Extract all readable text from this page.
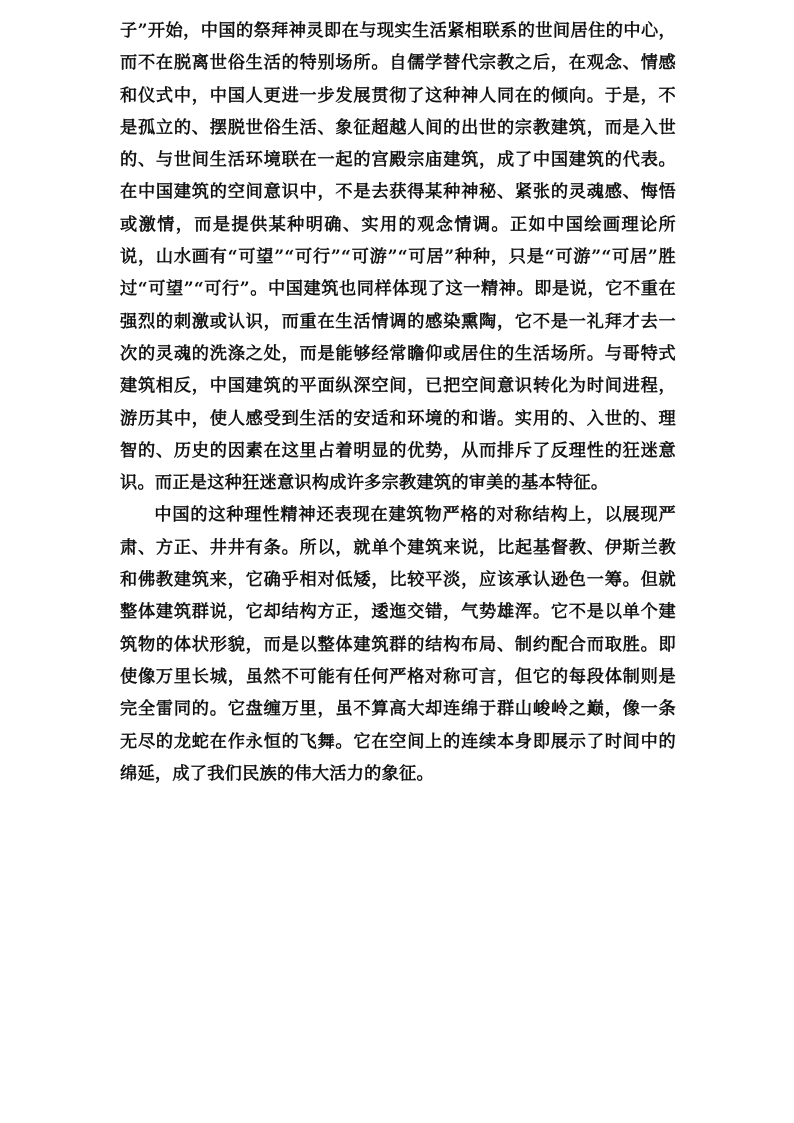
子”开始，中国的祭拜神灵即在与现实生活紧相联系的世间居住的中心，而不在脱离世俗生活的特别场所。自儒学替代宗教之后，在观念、情感和仪式中，中国人更进一步发展贯彻了这种神人同在的倾向。于是，不是孤立的、摆脱世俗生活、象征超越人间的出世的宗教建筑，而是入世的、与世间生活环境联在一起的宫殿宗庙建筑，成了中国建筑的代表。在中国建筑的空间意识中，不是去获得某种神秘、紧张的灵魂感、悔悟或激情，而是提供某种明确、实用的观念情调。正如中国绘画理论所说，山水画有“可望”“可行”“可游”“可居”种种，只是“可游”“可居”胜过“可望”“可行”。中国建筑也同样体现了这一精神。即是说，它不重在强烈的刺激或认识，而重在生活情调的感染熏陶，它不是一礼拜才去一次的灵魂的洗涤之处，而是能够经常瞻仰或居住的生活场所。与哥特式建筑相反，中国建筑的平面纵深空间，已把空间意识转化为时间进程，游历其中，使人感受到生活的安适和环境的和谐。实用的、入世的、理智的、历史的因素在这里占着明显的优势，从而排斥了反理性的狂迷意识。而正是这种狂迷意识构成许多宗教建筑的审美的基本特征。

中国的这种理性精神还表现在建筑物严格的对称结构上，以展现严肃、方正、井井有条。所以，就单个建筑来说，比起基督教、伊斯兰教和佛教建筑来，它确乎相对低矮，比较平淡，应该承认逊色一筹。但就整体建筑群说，它却结构方正，逶迤交错，气势雄浑。它不是以单个建筑物的体状形貌，而是以整体建筑群的结构布局、制约配合而取胜。即使像万里长城，虽然不可能有任何严格对称可言，但它的每段体制则是完全雷同的。它盘缠万里，虽不算高大却连绵于群山峻岭之巅，像一条无尽的龙蛇在作永恒的飞舞。它在空间上的连续本身即展示了时间中的绵延，成了我们民族的伟大活力的象征。
